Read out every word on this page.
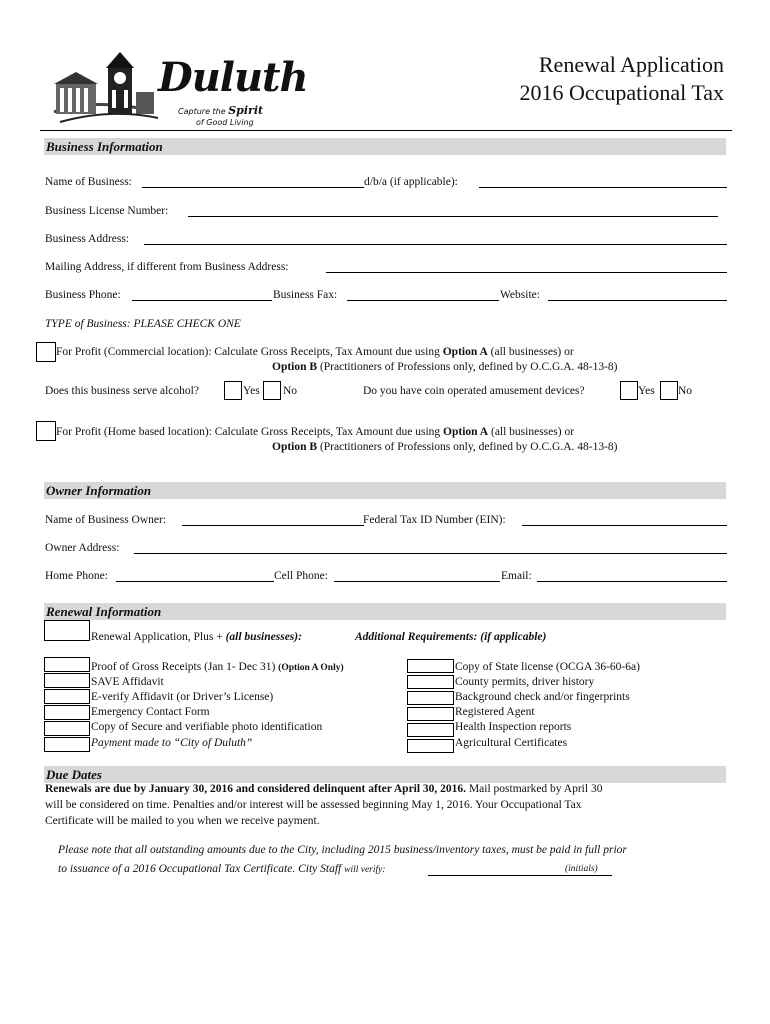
Duluth
Capture the Spirit
of Good Living
Renewal Application
2016 Occupational Tax
Business Information
Name of Business:	d/b/a (if applicable):
Business License Number:
Business Address:
Mailing Address, if different from Business Address:
Business Phone:	Business Fax:	Website:
TYPE of Business: PLEASE CHECK ONE
For Profit (Commercial location): Calculate Gross Receipts, Tax Amount due using Option A (all businesses) or
Option B (Practitioners of Professions only, defined by O.C.G.A. 48-13-8)
Does this business serve alcohol?	Yes No	Do you have coin operated amusement devices?	Yes No
For Profit (Home based location): Calculate Gross Receipts, Tax Amount due using Option A (all businesses) or
Option B (Practitioners of Professions only, defined by O.C.G.A. 48-13-8)
Owner Information
Name of Business Owner:	Federal Tax ID Number (EIN):
Owner Address:
Home Phone:	Cell Phone:	Email:
Renewal Information
Renewal Application, Plus + (all businesses):	Additional Requirements: (if applicable)
Proof of Gross Receipts (Jan 1- Dec 31) (Option A Only)
SAVE Affidavit
E-verify Affidavit (or Driver’s License)
Emergency Contact Form
Copy of Secure and verifiable photo identification
Payment made to “City of Duluth”
Copy of State license (OCGA 36-60-6a)
County permits, driver history
Background check and/or fingerprints
Registered Agent
Health Inspection reports
Agricultural Certificates
Due Dates
Renewals are due by January 30, 2016 and considered delinquent after April 30, 2016. Mail postmarked by April 30
will be considered on time. Penalties and/or interest will be assessed beginning May 1, 2016. Your Occupational Tax
Certificate will be mailed to you when we receive payment.
Please note that all outstanding amounts due to the City, including 2015 business/inventory taxes, must be paid in full prior
to issuance of a 2016 Occupational Tax Certificate. City Staff will verify:	(initials)
